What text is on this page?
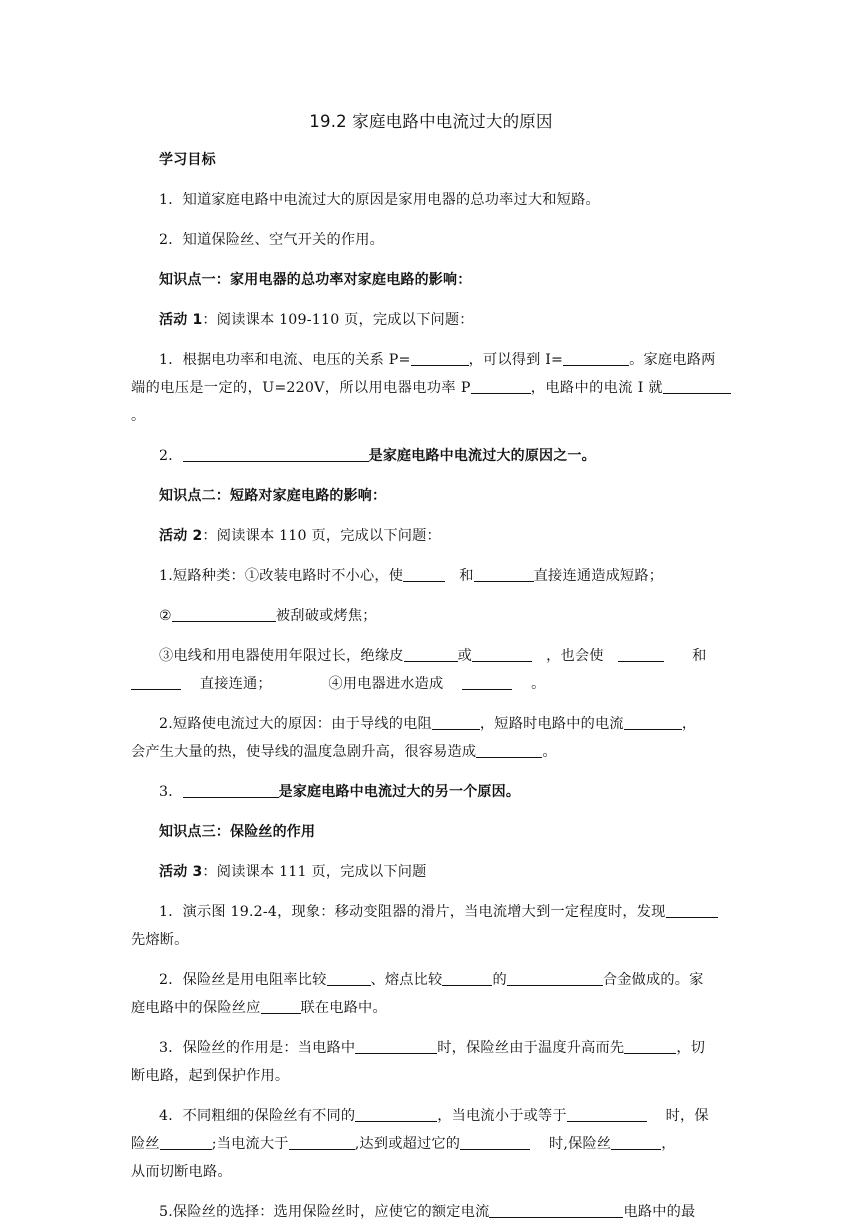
19.2 家庭电路中电流过大的原因

学习目标

1．知道家庭电路中电流过大的原因是家用电器的总功率过大和短路。

2．知道保险丝、空气开关的作用。

知识点一：家用电器的总功率对家庭电路的影响：

活动 1：阅读课本 109-110 页，完成以下问题：

1．根据电功率和电流、电压的关系 P=	，可以得到 I=	。家庭电路两

端的电压是一定的，U=220V，所以用电器电功率 P	，电路中的电流 I 就。

2．	是家庭电路中电流过大的原因之一。

知识点二：短路对家庭电路的影响：

活动 2：阅读课本 110 页，完成以下问题：

1.短路种类：①改装电路时不小心，使	和	直接连通造成短路；

②	被刮破或烤焦；

③电线和用电器使用年限过长，绝缘皮	或	，也会使	和

直接连通；	④用电器进水造成	。

2.短路使电流过大的原因：由于导线的电阻	，短路时电路中的电流	，

会产生大量的热，使导线的温度急剧升高，很容易造成	。

3．	是家庭电路中电流过大的另一个原因。

知识点三：保险丝的作用

活动 3：阅读课本 111 页，完成以下问题

1．演示图 19.2-4，现象：移动变阻器的滑片，当电流增大到一定程度时，发现

先熔断。

2．保险丝是用电阻率比较	、熔点比较	的	合金做成的。家

庭电路中的保险丝应	联在电路中。

3．保险丝的作用是：当电路中	时，保险丝由于温度升高而先	，切

断电路，起到保护作用。

4．不同粗细的保险丝有不同的	，当电流小于或等于	时，保

险丝	;当电流大于	,达到或超过它的	时,保险丝	，

从而切断电路。

5.保险丝的选择：选用保险丝时，应使它的额定电流	电路中的最
